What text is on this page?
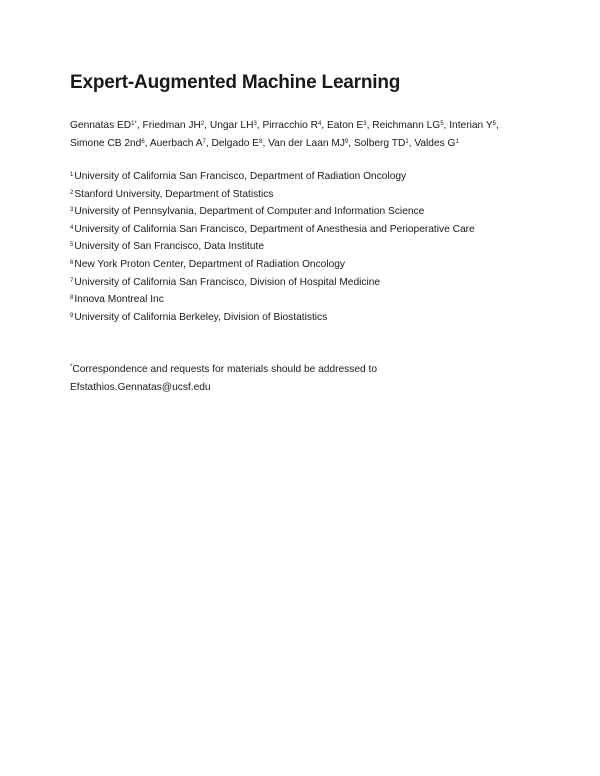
Expert-Augmented Machine Learning
Gennatas $ED^{1*}$, Friedman $JH^2$, Ungar $LH^3$, Pirracchio $R^4$, Eaton $E^3$, Reichmann $LG^5$, Interian $Y^5$,
Simone CB $2nd^6$, Auerbach $A^7$, Delgado $E^8$, Van der Laan $MJ^9$, Solberg $TD^1$, Valdes $G^1$
$^1$University of California San Francisco, Department of Radiation Oncology
$^2$Stanford University, Department of Statistics
$^3$University of Pennsylvania, Department of Computer and Information Science
$^4$University of California San Francisco, Department of Anesthesia and Perioperative Care
$^5$University of San Francisco, Data Institute
$^6$New York Proton Center, Department of Radiation Oncology
$^7$University of California San Francisco, Division of Hospital Medicine
$^8$Innova Montreal Inc
$^9$University of California Berkeley, Division of Biostatistics
*Correspondence and requests for materials should be addressed to
Efstathios.Gennatas@ucsf.edu
